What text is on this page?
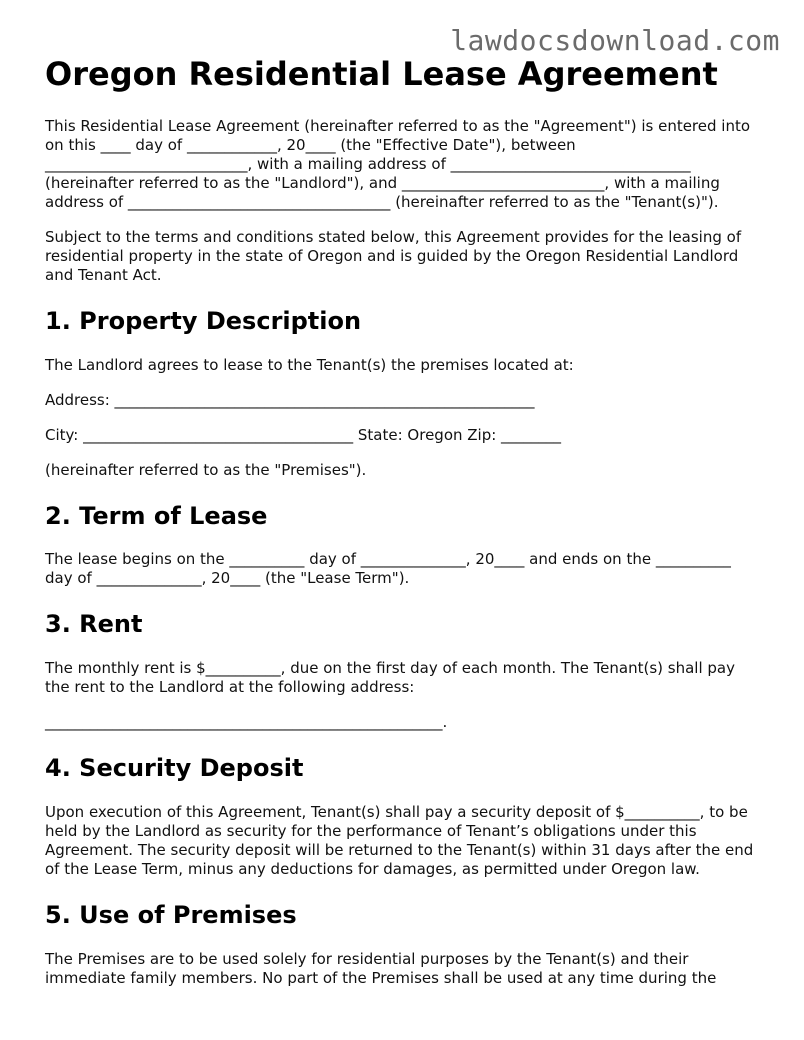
lawdocsdownload.com
Oregon Residential Lease Agreement

This Residential Lease Agreement (hereinafter referred to as the "Agreement") is entered into on this ____ day of ____________, 20____ (the "Effective Date"), between ___________________________, with a mailing address of ________________________________ (hereinafter referred to as the "Landlord"), and ___________________________, with a mailing address of ___________________________________ (hereinafter referred to as the "Tenant(s)").

Subject to the terms and conditions stated below, this Agreement provides for the leasing of residential property in the state of Oregon and is guided by the Oregon Residential Landlord and Tenant Act.

1. Property Description

The Landlord agrees to lease to the Tenant(s) the premises located at:

Address: ________________________________________________________

City: ____________________________________ State: Oregon Zip: ________

(hereinafter referred to as the "Premises").

2. Term of Lease

The lease begins on the __________ day of ______________, 20____ and ends on the __________ day of ______________, 20____ (the "Lease Term").

3. Rent

The monthly rent is $__________, due on the first day of each month. The Tenant(s) shall pay the rent to the Landlord at the following address:

_____________________________________________________.

4. Security Deposit

Upon execution of this Agreement, Tenant(s) shall pay a security deposit of $__________, to be held by the Landlord as security for the performance of Tenant’s obligations under this Agreement. The security deposit will be returned to the Tenant(s) within 31 days after the end of the Lease Term, minus any deductions for damages, as permitted under Oregon law.

5. Use of Premises

The Premises are to be used solely for residential purposes by the Tenant(s) and their immediate family members. No part of the Premises shall be used at any time during the
